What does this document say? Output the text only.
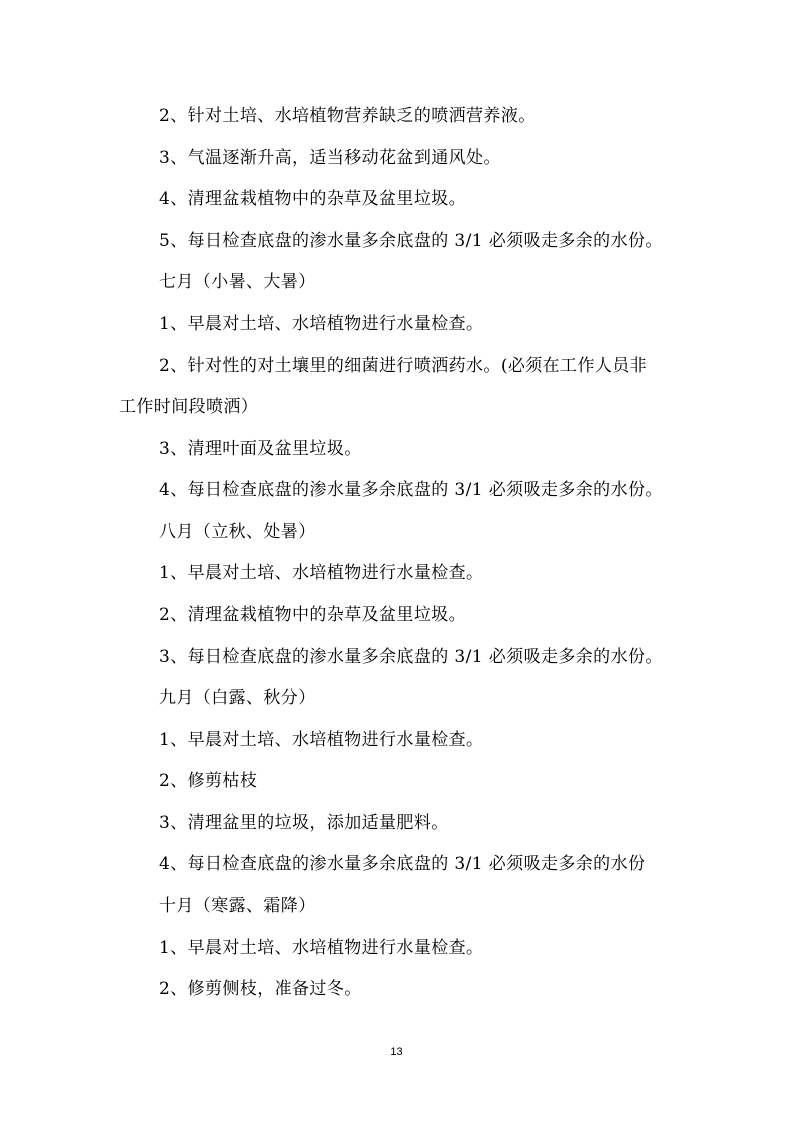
2、针对土培、水培植物营养缺乏的喷洒营养液。
3、气温逐渐升高，适当移动花盆到通风处。
4、清理盆栽植物中的杂草及盆里垃圾。
5、每日检查底盘的渗水量多余底盘的 3/1 必须吸走多余的水份。
七月（小暑、大暑）
1、早晨对土培、水培植物进行水量检查。
2、针对性的对土壤里的细菌进行喷洒药水。(必须在工作人员非
工作时间段喷洒）
3、清理叶面及盆里垃圾。
4、每日检查底盘的渗水量多余底盘的 3/1 必须吸走多余的水份。
八月（立秋、处暑）
1、早晨对土培、水培植物进行水量检查。
2、清理盆栽植物中的杂草及盆里垃圾。
3、每日检查底盘的渗水量多余底盘的 3/1 必须吸走多余的水份。
九月（白露、秋分）
1、早晨对土培、水培植物进行水量检查。
2、修剪枯枝
3、清理盆里的垃圾，添加适量肥料。
4、每日检查底盘的渗水量多余底盘的 3/1 必须吸走多余的水份
十月（寒露、霜降）
1、早晨对土培、水培植物进行水量检查。
2、修剪侧枝，准备过冬。
13
